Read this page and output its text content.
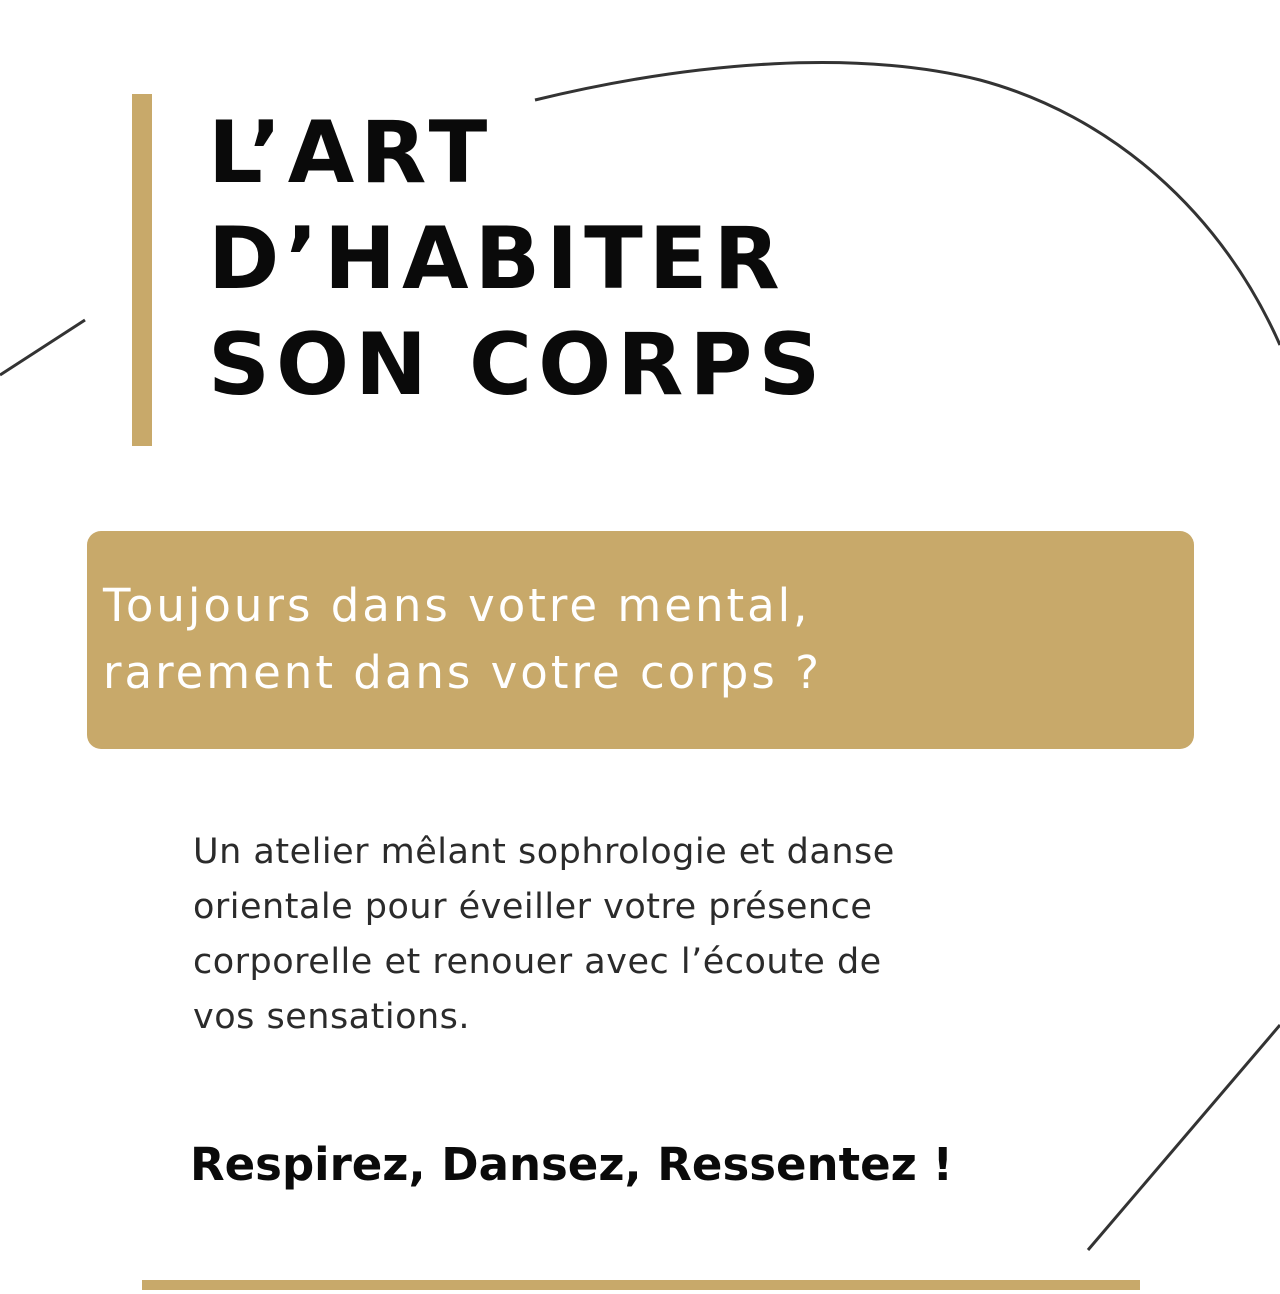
L’ART
D’HABITER
SON CORPS

Toujours dans votre mental,
rarement dans votre corps ?

Un atelier mêlant sophrologie et danse
orientale pour éveiller votre présence
corporelle et renouer avec l’écoute de
vos sensations.

Respirez, Dansez, Ressentez !
